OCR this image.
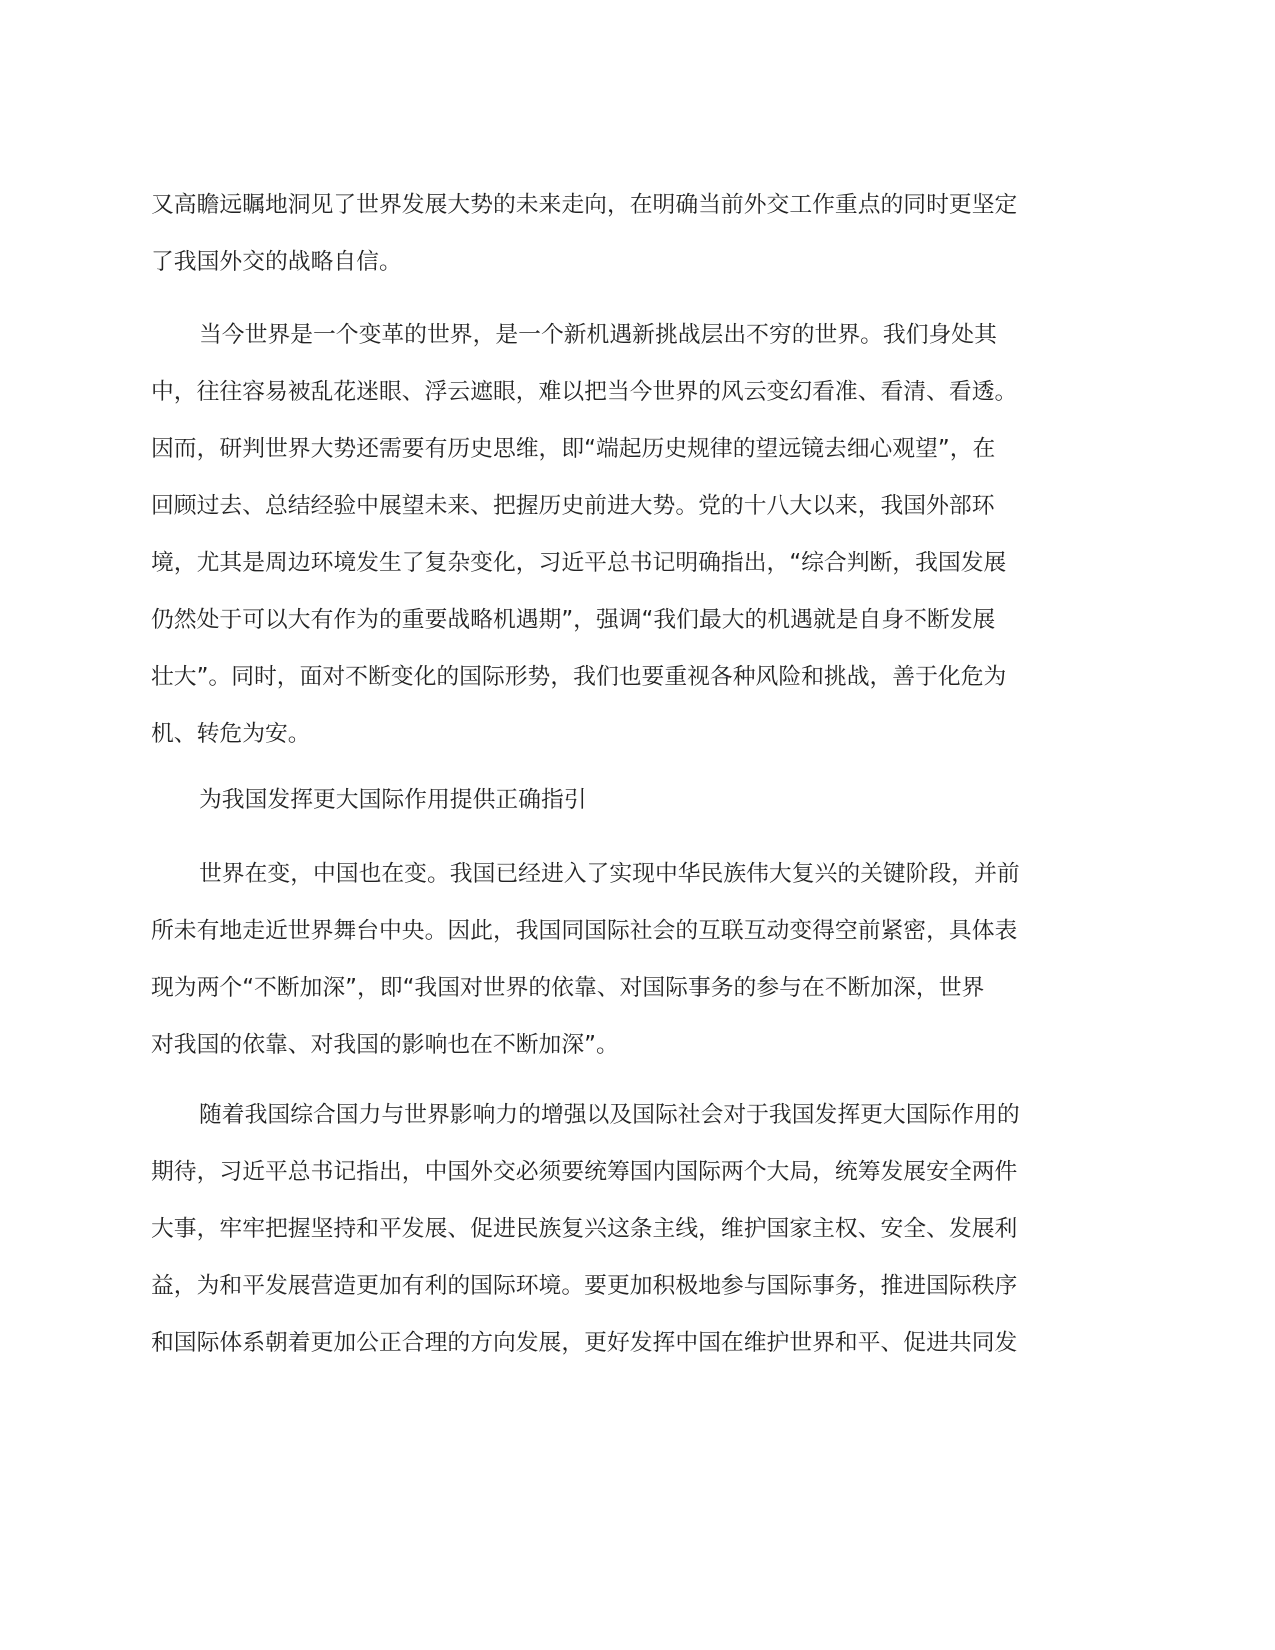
又高瞻远瞩地洞见了世界发展大势的未来走向，在明确当前外交工作重点的同时更坚定
了我国外交的战略自信。
当今世界是一个变革的世界，是一个新机遇新挑战层出不穷的世界。我们身处其
中，往往容易被乱花迷眼、浮云遮眼，难以把当今世界的风云变幻看准、看清、看透。
因而，研判世界大势还需要有历史思维，即“端起历史规律的望远镜去细心观望”，在
回顾过去、总结经验中展望未来、把握历史前进大势。党的十八大以来，我国外部环
境，尤其是周边环境发生了复杂变化，习近平总书记明确指出，“综合判断，我国发展
仍然处于可以大有作为的重要战略机遇期”，强调“我们最大的机遇就是自身不断发展
壮大”。同时，面对不断变化的国际形势，我们也要重视各种风险和挑战，善于化危为
机、转危为安。
为我国发挥更大国际作用提供正确指引
世界在变，中国也在变。我国已经进入了实现中华民族伟大复兴的关键阶段，并前
所未有地走近世界舞台中央。因此，我国同国际社会的互联互动变得空前紧密，具体表
现为两个“不断加深”，即“我国对世界的依靠、对国际事务的参与在不断加深，世界
对我国的依靠、对我国的影响也在不断加深”。
随着我国综合国力与世界影响力的增强以及国际社会对于我国发挥更大国际作用的
期待，习近平总书记指出，中国外交必须要统筹国内国际两个大局，统筹发展安全两件
大事，牢牢把握坚持和平发展、促进民族复兴这条主线，维护国家主权、安全、发展利
益，为和平发展营造更加有利的国际环境。要更加积极地参与国际事务，推进国际秩序
和国际体系朝着更加公正合理的方向发展，更好发挥中国在维护世界和平、促进共同发
